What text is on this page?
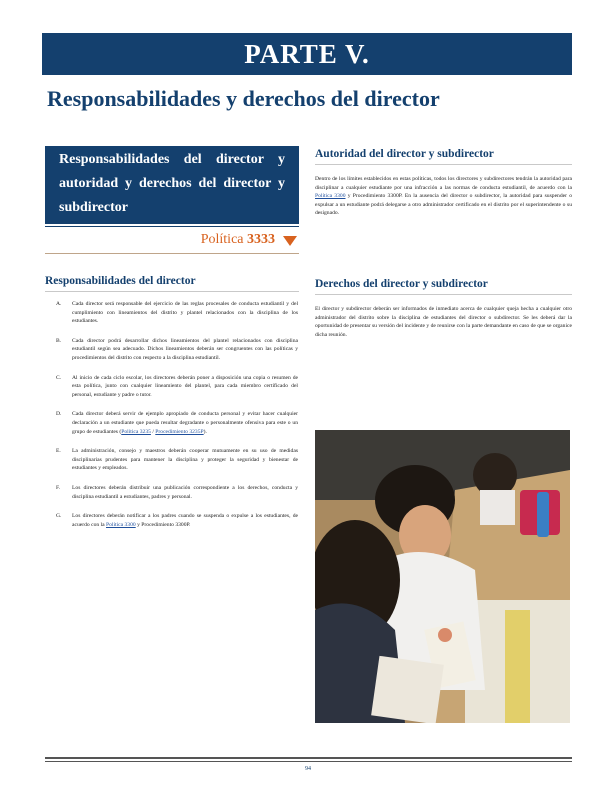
PARTE V.
Responsabilidades y derechos del director
Responsabilidades del director y autoridad y derechos del director y subdirector
Política 3333
Responsabilidades del director
A. Cada director será responsable del ejercicio de las reglas procesales de conducta estudiantil y del cumplimiento con lineamientos del distrito y plantel relacionados con la disciplina de los estudiantes.
B. Cada director podrá desarrollar dichos lineamientos del plantel relacionados con disciplina estudiantil según sea adecuado. Dichos lineamientos deberán ser congruentes con las políticas y procedimientos del distrito con respecto a la disciplina estudiantil.
C. Al inicio de cada ciclo escolar, los directores deberán poner a disposición una copia o resumen de esta política, junto con cualquier lineamiento del plantel, para cada miembro certificado del personal, estudiante y padre o tutor.
D. Cada director deberá servir de ejemplo apropiado de conducta personal y evitar hacer cualquier declaración a un estudiante que pueda resultar degradante o personalmente ofensiva para este o un grupo de estudiantes (Política 3235 / Procedimiento 3235P).
E. La administración, consejo y maestros deberán cooperar mutuamente en su uso de medidas disciplinarias prudentes para mantener la disciplina y proteger la seguridad y bienestar de estudiantes y empleados.
F. Los directores deberán distribuir una publicación correspondiente a los derechos, conducta y disciplina estudiantil a estudiantes, padres y personal.
G. Los directores deberán notificar a los padres cuando se suspenda o expulse a los estudiantes, de acuerdo con la Política 3300 y Procedimiento 3300P.
Autoridad del director y subdirector
Dentro de los límites establecidos en estas políticas, todos los directores y subdirectores tendrán la autoridad para disciplinar a cualquier estudiante por una infracción a las normas de conducta estudiantil, de acuerdo con la Política 3300 y Procedimiento 3300P. En la ausencia del director o subdirector, la autoridad para suspender o expulsar a un estudiante podrá delegarse a otro administrador certificado en el distrito por el superintendente o su designado.
Derechos del director y subdirector
El director y subdirector deberán ser informados de inmediato acerca de cualquier queja hecha a cualquier otro administrador del distrito sobre la disciplina de estudiantes del director o subdirector. Se les deberá dar la oportunidad de presentar su versión del incidente y de reunirse con la parte demandante en caso de que se organice dicha reunión.
94
